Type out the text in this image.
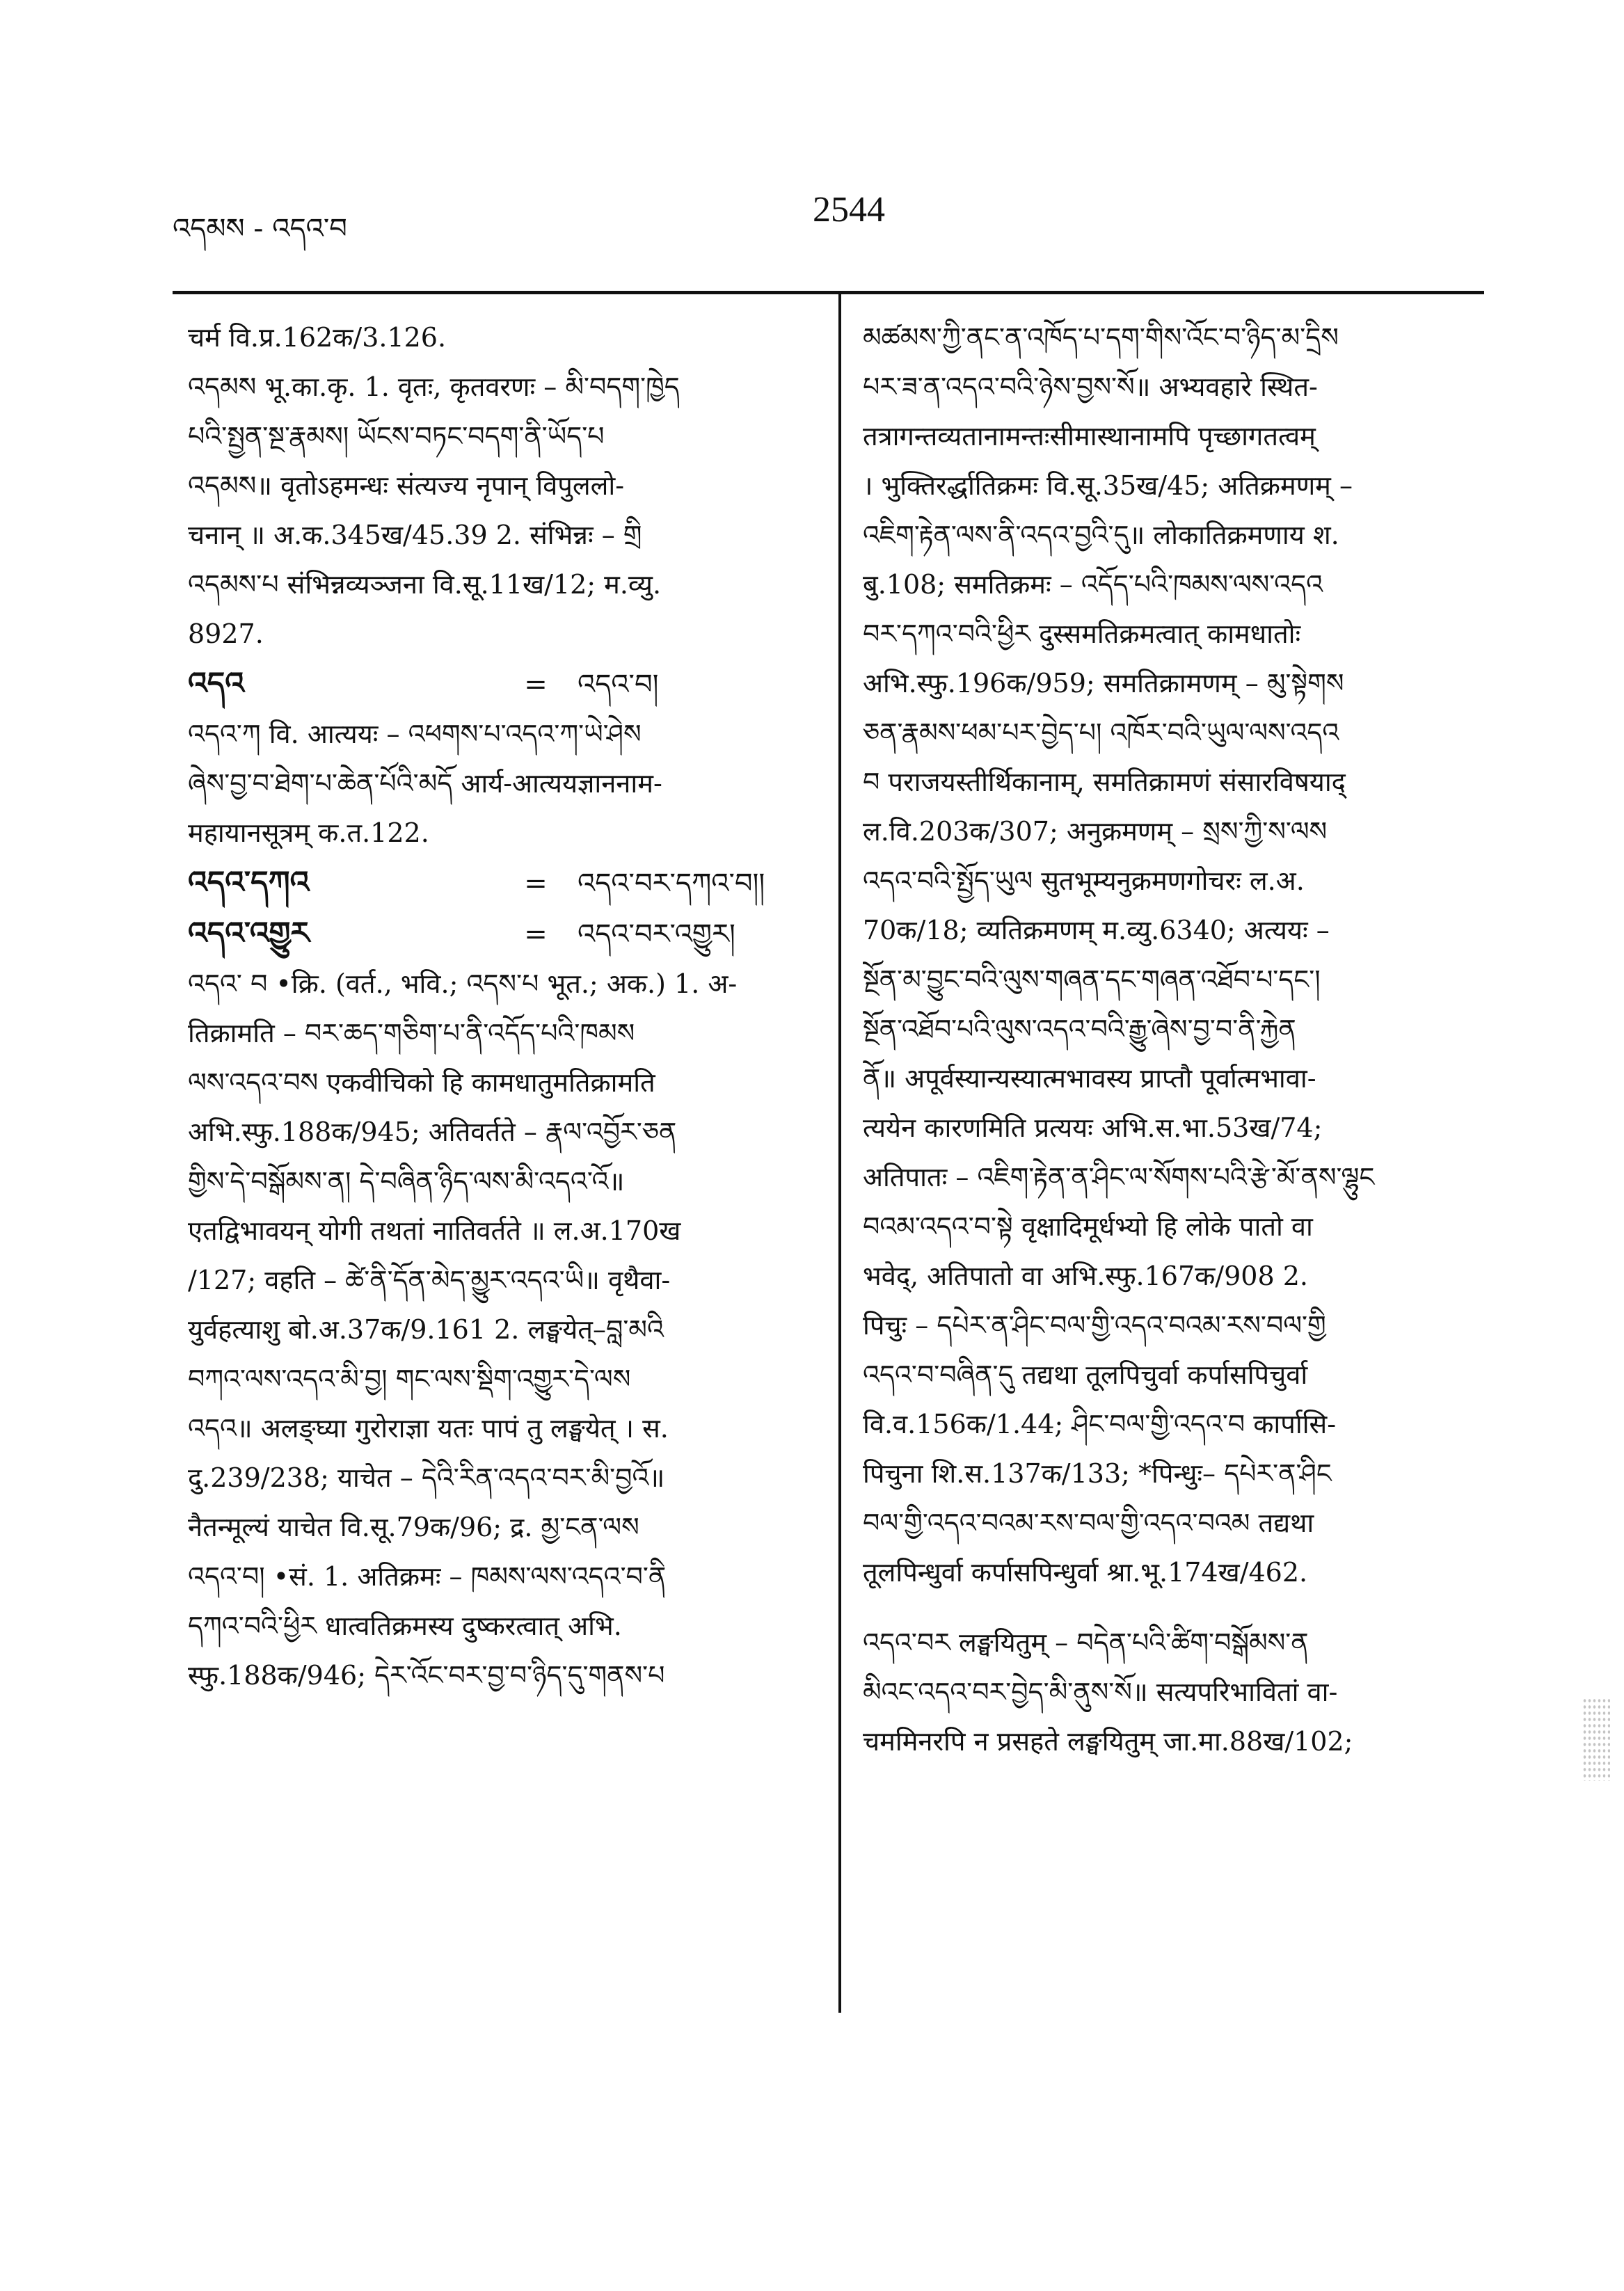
འདམས - འདའ་བ	2544
चर्म वि.प्र.162क/3.126.
འདམས भू.का.कृ. 1. वृतः, कृतवरणः – མི་བདག་ཁྱེད
པའི་སྤྱན་སྔ་རྣམས། ཡོངས་བཏང་བདག་ནི་ཡོད་པ
འདམས॥ वृतोऽहमन्धः संत्यज्य नृपान् विपुललो-
चनान् ॥ अ.क.345ख/45.39 2. संभिन्नः – གྲི
འདམས་པ संभिन्नव्यञ्जना वि.सू.11ख/12; म.व्यु.
8927.
འདའ	=	འདའ་བ།
འདའ་ཀ वि. आत्ययः – འཕགས་པ་འདའ་ཀ་ཡེ་ཤེས
ཞེས་བྱ་བ་ཐེག་པ་ཆེན་པོའི་མདོ आर्य-आत्ययज्ञाननाम-
महायानसूत्रम् क.त.122.
འདའ་དཀའ	=	འདའ་བར་དཀའ་བ།།
འདའ་འགྱུར	=	འདའ་བར་འགྱུར།
འདའ་ བ •क्रि. (वर्त., भवि.; འདས་པ भूत.; अक.) 1. अ-
तिक्रामति – བར་ཆད་གཅིག་པ་ནི་འདོད་པའི་ཁམས
ལས་འདའ་བས एकवीचिको हि कामधातुमतिक्रामति
अभि.स्फु.188क/945; अतिवर्तते – རྣལ་འབྱོར་ཅན
གྱིས་དེ་བསྒོམས་ན། དེ་བཞིན་ཉིད་ལས་མི་འདའ་འོ॥
एतद्विभावयन् योगी तथतां नातिवर्तते ॥ ल.अ.170ख
/127; वहति – ཚེ་ནི་དོན་མེད་མྱུར་འདའ་ཡི॥ वृथैवा-
युर्वहत्याशु बो.अ.37क/9.161 2. लङ्घयेत्–བླ་མའི
བཀའ་ལས་འདའ་མི་བྱ། གང་ལས་སྡིག་འགྱུར་དེ་ལས
འདའ॥ अलङ्घ्या गुरोराज्ञा यतः पापं तु लङ्घयेत् । स.
दु.239/238; याचेत – དེའི་རིན་འདའ་བར་མི་བྱའོ॥
नैतन्मूल्यं याचेत वि.सू.79क/96; द्र. མྱ་ངན་ལས
འདའ་བ། •सं. 1. अतिक्रमः – ཁམས་ལས་འདའ་བ་ནི
དཀའ་བའི་ཕྱིར धात्वतिक्रमस्य दुष्करत्वात् अभि.
स्फु.188क/946; དེར་འོང་བར་བྱ་བ་ཉིད་དུ་གནས་པ
མཚམས་ཀྱི་ནང་ན་འཁོད་པ་དག་གིས་འོང་བ་ཉིད་མ་དྲིས
པར་ཟ་ན་འདའ་བའི་ཉེས་བྱས་སོ॥ अभ्यवहारे स्थित-
तत्रागन्तव्यतानामन्तःसीमास्थानामपि पृच्छागतत्वम्
। भुक्तिरर्द्धातिक्रमः वि.सू.35ख/45; अतिक्रमणम् –
འཇིག་རྟེན་ལས་ནི་འདའ་བྱའི་དུ॥ लोकातिक्रमणाय श.
बु.108; समतिक्रमः – འདོད་པའི་ཁམས་ལས་འདའ
བར་དཀའ་བའི་ཕྱིར दुस्समतिक्रमत्वात् कामधातोः
अभि.स्फु.196क/959; समतिक्रामणम् – མུ་སྟེགས
ཅན་རྣམས་ཕམ་པར་བྱེད་པ། འཁོར་བའི་ཡུལ་ལས་འདའ
བ पराजयस्तीर्थिकानाम्, समतिक्रामणं संसारविषयाद्
ल.वि.203क/307; अनुक्रमणम् – སྲས་ཀྱི་ས་ལས
འདའ་བའི་སྤྱོད་ཡུལ सुतभूम्यनुक्रमणगोचरः ल.अ.
70क/18; व्यतिक्रमणम् म.व्यु.6340; अत्ययः –
སྔོན་མ་བྱུང་བའི་ལུས་གཞན་དང་གཞན་འཐོབ་པ་དང་།
སྔོན་འཐོབ་པའི་ལུས་འདའ་བའི་རྒྱུ་ཞེས་བྱ་བ་ནི་རྐྱེན
ནོ॥ अपूर्वस्यान्यस्यात्मभावस्य प्राप्तौ पूर्वात्मभावा-
त्ययेन कारणमिति प्रत्ययः अभि.स.भा.53ख/74;
अतिपातः – འཇིག་རྟེན་ན་ཤིང་ལ་སོགས་པའི་རྩེ་མོ་ནས་ལྷུང
བའམ་འདའ་བ་སྟེ वृक्षादिमूर्धभ्यो हि लोके पातो वा
भवेद्, अतिपातो वा अभि.स्फु.167क/908 2.
पिचुः – དཔེར་ན་ཤིང་བལ་གྱི་འདའ་བའམ་རས་བལ་གྱི
འདའ་བ་བཞིན་དུ तद्यथा तूलपिचुर्वा कर्पासपिचुर्वा
वि.व.156क/1.44; ཤིང་བལ་གྱི་འདའ་བ कार्पासि-
पिचुना शि.स.137क/133; *पिन्धुः– དཔེར་ན་ཤིང
བལ་གྱི་འདའ་བའམ་རས་བལ་གྱི་འདའ་བའམ तद्यथा
तूलपिन्धुर्वा कर्पासपिन्धुर्वा श्रा.भू.174ख/462.
འདའ་བར लङ्घयितुम् – བདེན་པའི་ཚིག་བསྒོམས་ན
མིའང་འདའ་བར་བྱེད་མི་ནུས་སོ॥ सत्यपरिभावितां वा-
चममिनरपि न प्रसहते लङ्घयितुम् जा.मा.88ख/102;
